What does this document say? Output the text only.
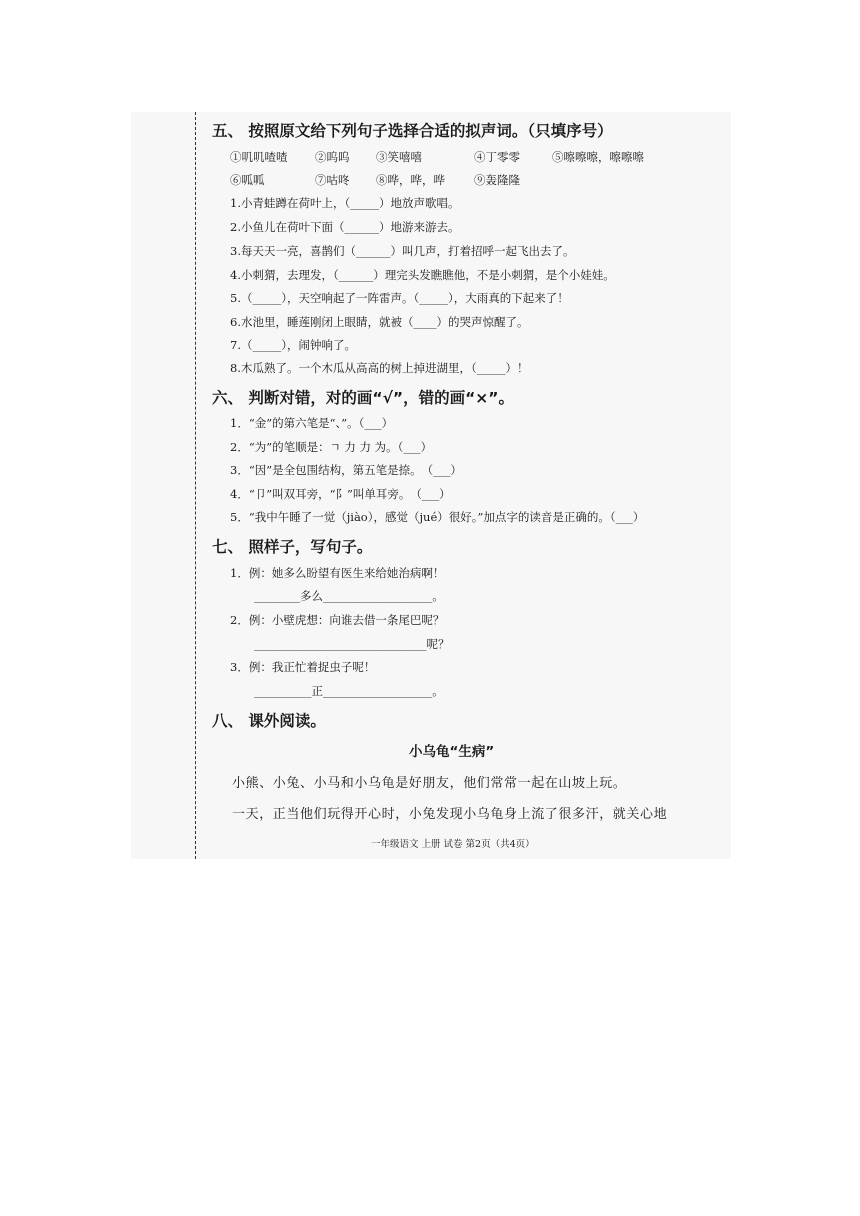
五、 按照原文给下列句子选择合适的拟声词。（只填序号）
①叽叽喳喳 ②呜呜 ③笑嘻嘻	④丁零零	⑤嚓嚓嚓，嚓嚓嚓
⑥呱呱	⑦咕咚 ⑧哗，哗，哗	⑨轰隆隆
1.小青蛙蹲在荷叶上，（_____）地放声歌唱。
2.小鱼儿在荷叶下面（______）地游来游去。
3.每天天一亮，喜鹊们（______）叫几声，打着招呼一起飞出去了。
4.小刺猬，去理发，（______）理完头发瞧瞧他，不是小刺猬，是个小娃娃。
5.（_____），天空响起了一阵雷声。（_____），大雨真的下起来了！
6.水池里，睡莲刚闭上眼睛，就被（____）的哭声惊醒了。
7.（_____），闹钟响了。
8.木瓜熟了。一个木瓜从高高的树上掉进湖里，（_____）！
六、 判断对错，对的画“√”，错的画“×”。
1．“金”的第六笔是“、”。（___）
2．“为”的笔顺是：ㄱ 力 力 为。（___）
3．“因”是全包围结构，第五笔是捺。　（___）
4．“卩”叫双耳旁，“阝”叫单耳旁。　（___）
5．“我中午睡了一觉（jiào），感觉（jué）很好。”加点字的读音是正确的。（___）
七、 照样子，写句子。
1．例：她多么盼望有医生来给她治病啊！
________多么___________________。
2．例：小壁虎想：向谁去借一条尾巴呢？
______________________________呢？
3．例：我正忙着捉虫子呢！
__________正___________________。
八、 课外阅读。
小乌龟“生病”
小熊、小兔、小马和小乌龟是好朋友，他们常常一起在山坡上玩。
一天，正当他们玩得开心时，小兔发现小乌龟身上流了很多汗，就关心地
一年级语文 上册 试卷 第2页（共4页）
